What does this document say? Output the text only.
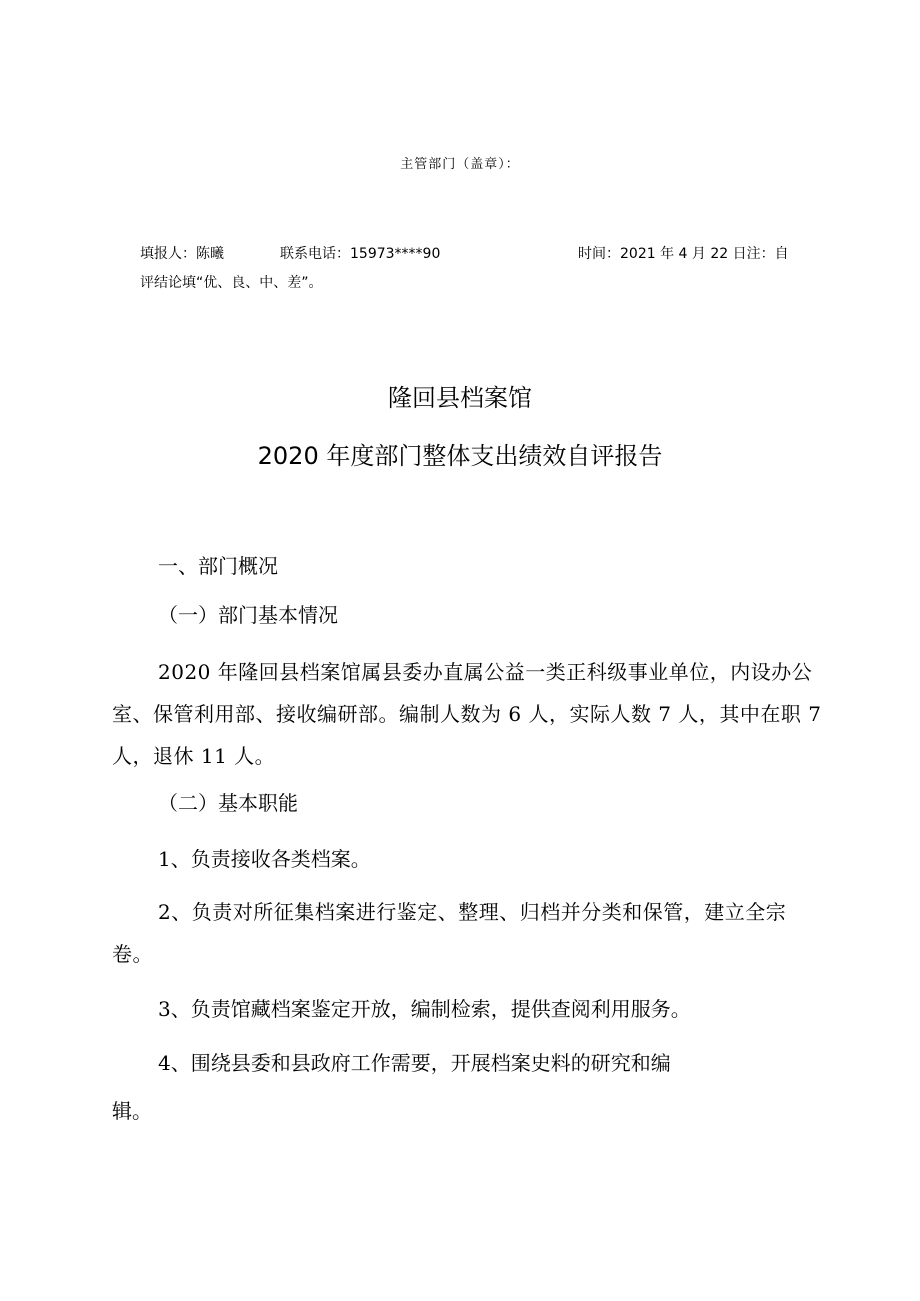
主管部门（盖章）：
填报人：陈曦	联系电话：15973****90	时间：2021 年 4 月 22 日注：自
评结论填“优、良、中、差”。
隆回县档案馆
2020 年度部门整体支出绩效自评报告
一、部门概况
（一）部门基本情况
2020 年隆回县档案馆属县委办直属公益一类正科级事业单位，内设办公室、保管利用部、接收编研部。编制人数为 6 人，实际人数 7 人，其中在职 7 人，退休 11 人。
（二）基本职能
1、负责接收各类档案。
2、负责对所征集档案进行鉴定、整理、归档并分类和保管，建立全宗卷。
3、负责馆藏档案鉴定开放，编制检索，提供查阅利用服务。
4、围绕县委和县政府工作需要，开展档案史料的研究和编
辑。
